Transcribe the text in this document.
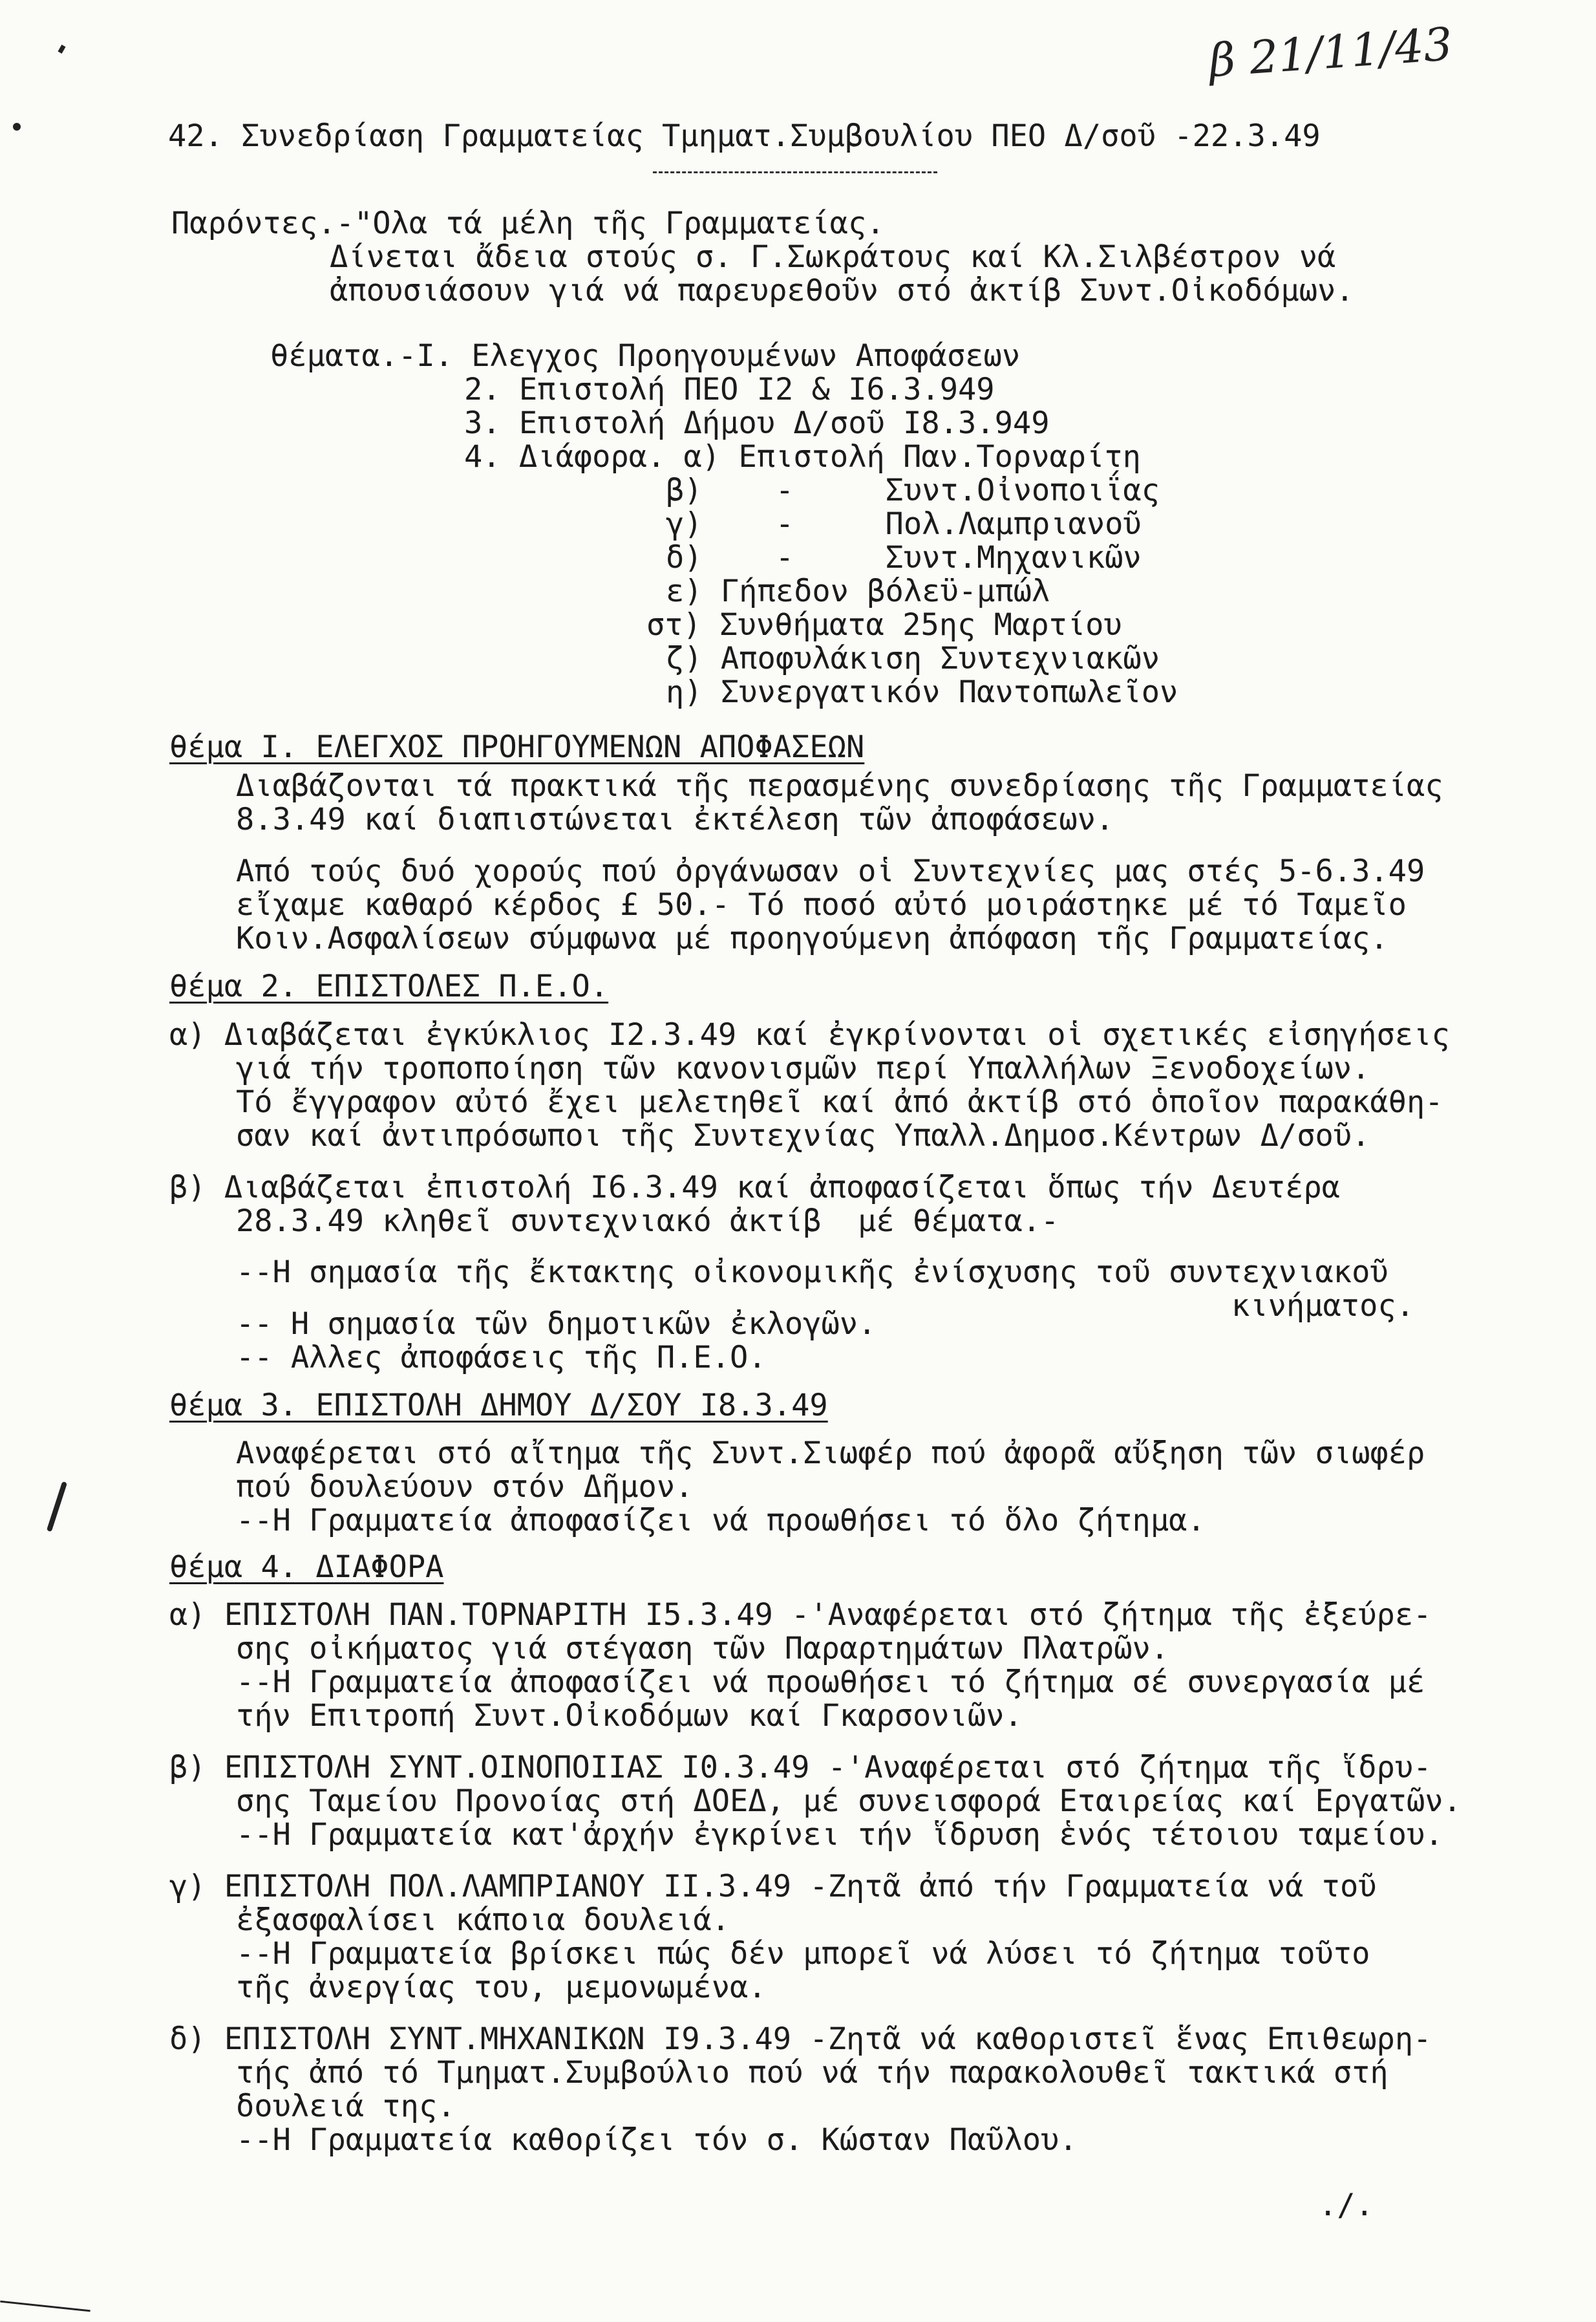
β 21/11/43
42. Συνεδρίαση Γραμματείας Τμηματ.Συμβουλίου ΠΕΟ Δ/σοῦ -22.3.49
Παρόντες.-"Ολα τά μέλη τῆς Γραμματείας.
Δίνεται ἄδεια στούς σ. Γ.Σωκράτους καί Κλ.Σιλβέστρον νά
ἀπουσιάσουν γιά νά παρευρεθοῦν στό ἀκτίβ Συντ.Οἰκοδόμων.
θέματα.-Ι. Ελεγχος Προηγουμένων Αποφάσεων
2. Επιστολή ΠΕΟ Ι2 & Ι6.3.949
3. Επιστολή Δήμου Δ/σοῦ Ι8.3.949
4. Διάφορα. α) Επιστολή Παν.Τορναρίτη
β)    -     Συντ.Οἰνοποιΐας
γ)    -     Πολ.Λαμπριανοῦ
δ)    -     Συντ.Μηχανικῶν
ε) Γήπεδον βόλεϋ-μπώλ
στ) Συνθήματα 25ης Μαρτίου
ζ) Αποφυλάκιση Συντεχνιακῶν
η) Συνεργατικόν Παντοπωλεῖον
θέμα Ι. ΕΛΕΓΧΟΣ ΠΡΟΗΓΟΥΜΕΝΩΝ ΑΠΟΦΑΣΕΩΝ
Διαβάζονται τά πρακτικά τῆς περασμένης συνεδρίασης τῆς Γραμματείας
8.3.49 καί διαπιστώνεται ἐκτέλεση τῶν ἀποφάσεων.
Από τούς δυό χορούς πού ὀργάνωσαν οἱ Συντεχνίες μας στές 5-6.3.49
εἴχαμε καθαρό κέρδος £ 50.- Τό ποσό αὐτό μοιράστηκε μέ τό Ταμεῖο
Κοιν.Ασφαλίσεων σύμφωνα μέ προηγούμενη ἀπόφαση τῆς Γραμματείας.
θέμα 2. ΕΠΙΣΤΟΛΕΣ Π.Ε.Ο.
α) Διαβάζεται ἐγκύκλιος Ι2.3.49 καί ἐγκρίνονται οἱ σχετικές εἰσηγήσεις
γιά τήν τροποποίηση τῶν κανονισμῶν περί Υπαλλήλων Ξενοδοχείων.
Τό ἔγγραφον αὐτό ἔχει μελετηθεῖ καί ἀπό ἀκτίβ στό ὁποῖον παρακάθη-
σαν καί ἀντιπρόσωποι τῆς Συντεχνίας Υπαλλ.Δημοσ.Κέντρων Δ/σοῦ.
β) Διαβάζεται ἐπιστολή Ι6.3.49 καί ἀποφασίζεται ὅπως τήν Δευτέρα
28.3.49 κληθεῖ συντεχνιακό ἀκτίβ  μέ θέματα.-
--Η σημασία τῆς ἔκτακτης οἰκονομικῆς ἐνίσχυσης τοῦ συντεχνιακοῦ
κινήματος.
-- Η σημασία τῶν δημοτικῶν ἐκλογῶν.
-- Αλλες ἀποφάσεις τῆς Π.Ε.Ο.
θέμα 3. ΕΠΙΣΤΟΛΗ ΔΗΜΟΥ Δ/ΣΟΥ Ι8.3.49
Αναφέρεται στό αἴτημα τῆς Συντ.Σιωφέρ πού ἀφορᾶ αὔξηση τῶν σιωφέρ
πού δουλεύουν στόν Δῆμον.
--Η Γραμματεία ἀποφασίζει νά προωθήσει τό ὅλο ζήτημα.
θέμα 4. ΔΙΑΦΟΡΑ
α) ΕΠΙΣΤΟΛΗ ΠΑΝ.ΤΟΡΝΑΡΙΤΗ Ι5.3.49 -'Αναφέρεται στό ζήτημα τῆς ἐξεύρε-
σης οἰκήματος γιά στέγαση τῶν Παραρτημάτων Πλατρῶν.
--Η Γραμματεία ἀποφασίζει νά προωθήσει τό ζήτημα σέ συνεργασία μέ
τήν Επιτροπή Συντ.Οἰκοδόμων καί Γκαρσονιῶν.
β) ΕΠΙΣΤΟΛΗ ΣΥΝΤ.ΟΙΝΟΠΟΙΙΑΣ Ι0.3.49 -'Αναφέρεται στό ζήτημα τῆς ἵδρυ-
σης Ταμείου Προνοίας στή ΔΟΕΔ, μέ συνεισφορά Εταιρείας καί Εργατῶν.
--Η Γραμματεία κατ'ἀρχήν ἐγκρίνει τήν ἵδρυση ἑνός τέτοιου ταμείου.
γ) ΕΠΙΣΤΟΛΗ ΠΟΛ.ΛΑΜΠΡΙΑΝΟΥ ΙΙ.3.49 -Ζητᾶ ἀπό τήν Γραμματεία νά τοῦ
ἐξασφαλίσει κάποια δουλειά.
--Η Γραμματεία βρίσκει πώς δέν μπορεῖ νά λύσει τό ζήτημα τοῦτο
τῆς ἀνεργίας του, μεμονωμένα.
δ) ΕΠΙΣΤΟΛΗ ΣΥΝΤ.ΜΗΧΑΝΙΚΩΝ Ι9.3.49 -Ζητᾶ νά καθοριστεῖ ἕνας Επιθεωρη-
τής ἀπό τό Τμηματ.Συμβούλιο πού νά τήν παρακολουθεῖ τακτικά στή
δουλειά της.
--Η Γραμματεία καθορίζει τόν σ. Κώσταν Παῦλου.
./.
